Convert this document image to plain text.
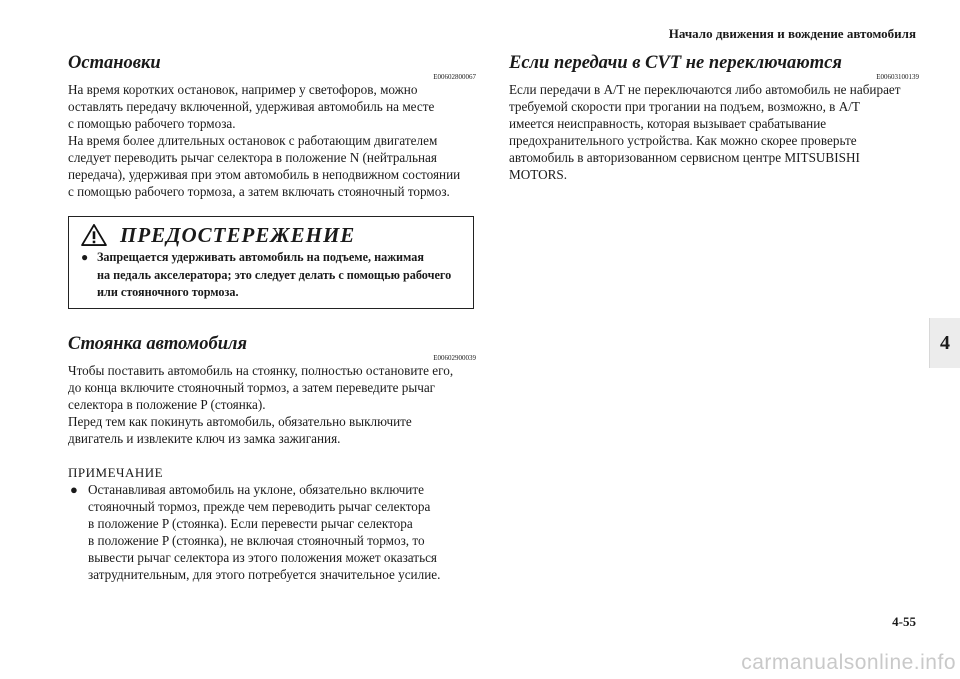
Начало движения и вождение автомобиля
Остановки
E00602800067

На время коротких остановок, например у светофоров, можно
оставлять передачу включенной, удерживая автомобиль на месте
с помощью рабочего тормоза.
На время более длительных остановок с работающим двигателем
следует переводить рычаг селектора в положение N (нейтральная
передача), удерживая при этом автомобиль в неподвижном состоянии
с помощью рабочего тормоза, а затем включать стояночный тормоз.

ПРЕДОСТЕРЕЖЕНИЕ
● Запрещается удерживать автомобиль на подъеме, нажимая
на педаль акселератора; это следует делать с помощью рабочего
или стояночного тормоза.
Стоянка автомобиля
E00602900039

Чтобы поставить автомобиль на стоянку, полностью остановите его,
до конца включите стояночный тормоз, а затем переведите рычаг
селектора в положение P (стоянка).
Перед тем как покинуть автомобиль, обязательно выключите
двигатель и извлеките ключ из замка зажигания.

ПРИМЕЧАНИЕ
● Останавливая автомобиль на уклоне, обязательно включите
стояночный тормоз, прежде чем переводить рычаг селектора
в положение P (стоянка). Если перевести рычаг селектора
в положение P (стоянка), не включая стояночный тормоз, то
вывести рычаг селектора из этого положения может оказаться
затруднительным, для этого потребуется значительное усилие.
Если передачи в CVT не переключаются
E00603100139

Если передачи в A/T не переключаются либо автомобиль не набирает
требуемой скорости при трогании на подъем, возможно, в A/T
имеется неисправность, которая вызывает срабатывание
предохранительного устройства. Как можно скорее проверьте
автомобиль в авторизованном сервисном центре MITSUBISHI
MOTORS.

4
4-55
carmanualsonline.info
